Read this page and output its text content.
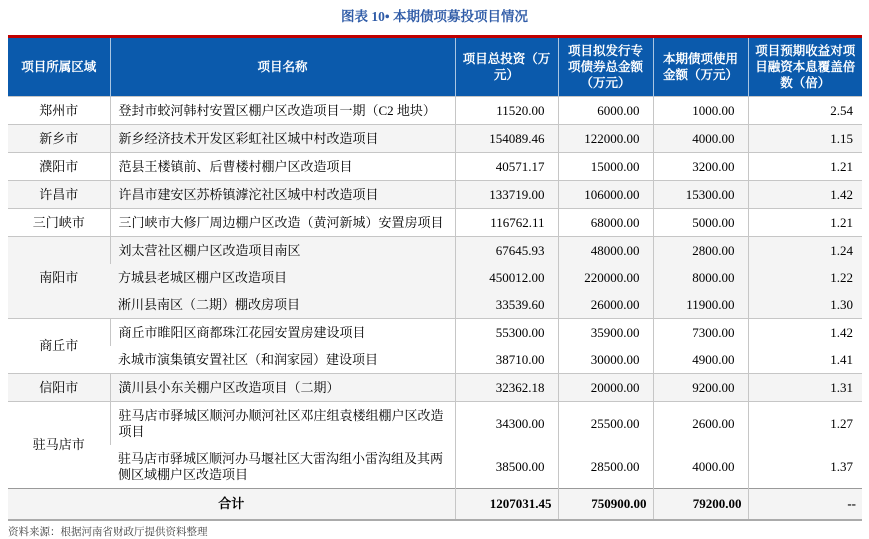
图表 10• 本期债项募投项目情况
项目所属区域	项目名称	项目总投资（万元）	项目拟发行专项债券总金额（万元）	本期债项使用金额（万元）	项目预期收益对项目融资本息覆盖倍数（倍）
郑州市	登封市蛟河韩村安置区棚户区改造项目一期（C2 地块）	11520.00	6000.00	1000.00	2.54
新乡市	新乡经济技术开发区彩虹社区城中村改造项目	154089.46	122000.00	4000.00	1.15
濮阳市	范县王楼镇前、后曹楼村棚户区改造项目	40571.17	15000.00	3200.00	1.21
许昌市	许昌市建安区苏桥镇滹沱社区城中村改造项目	133719.00	106000.00	15300.00	1.42
三门峡市	三门峡市大修厂周边棚户区改造（黄河新城）安置房项目	116762.11	68000.00	5000.00	1.21
南阳市	刘太营社区棚户区改造项目南区	67645.93	48000.00	2800.00	1.24
	方城县老城区棚户区改造项目	450012.00	220000.00	8000.00	1.22
	淅川县南区（二期）棚改房项目	33539.60	26000.00	11900.00	1.30
商丘市	商丘市睢阳区商都珠江花园安置房建设项目	55300.00	35900.00	7300.00	1.42
	永城市演集镇安置社区（和润家园）建设项目	38710.00	30000.00	4900.00	1.41
信阳市	潢川县小东关棚户区改造项目（二期）	32362.18	20000.00	9200.00	1.31
驻马店市	驻马店市驿城区顺河办顺河社区邓庄组袁楼组棚户区改造项目	34300.00	25500.00	2600.00	1.27
	驻马店市驿城区顺河办马堰社区大雷沟组小雷沟组及其两侧区域棚户区改造项目	38500.00	28500.00	4000.00	1.37
合计		1207031.45	750900.00	79200.00	--
资料来源：根据河南省财政厅提供资料整理
